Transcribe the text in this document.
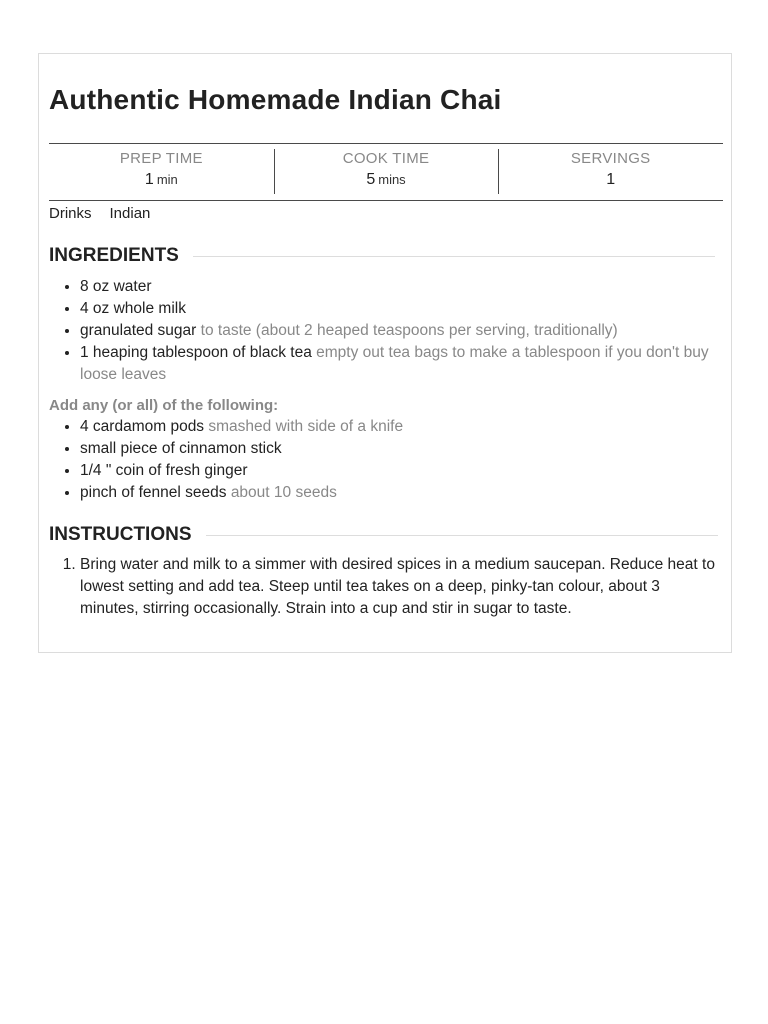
Authentic Homemade Indian Chai
PREP TIME
1 min
COOK TIME
5 mins
SERVINGS
1
Drinks Indian
INGREDIENTS
• 8 oz water
• 4 oz whole milk
• granulated sugar to taste (about 2 heaped teaspoons per serving, traditionally)
• 1 heaping tablespoon of black tea empty out tea bags to make a tablespoon if you don't buy loose leaves
Add any (or all) of the following:
• 4 cardamom pods smashed with side of a knife
• small piece of cinnamon stick
• 1/4 " coin of fresh ginger
• pinch of fennel seeds about 10 seeds
INSTRUCTIONS
1. Bring water and milk to a simmer with desired spices in a medium saucepan. Reduce heat to lowest setting and add tea. Steep until tea takes on a deep, pinky-tan colour, about 3 minutes, stirring occasionally. Strain into a cup and stir in sugar to taste.
